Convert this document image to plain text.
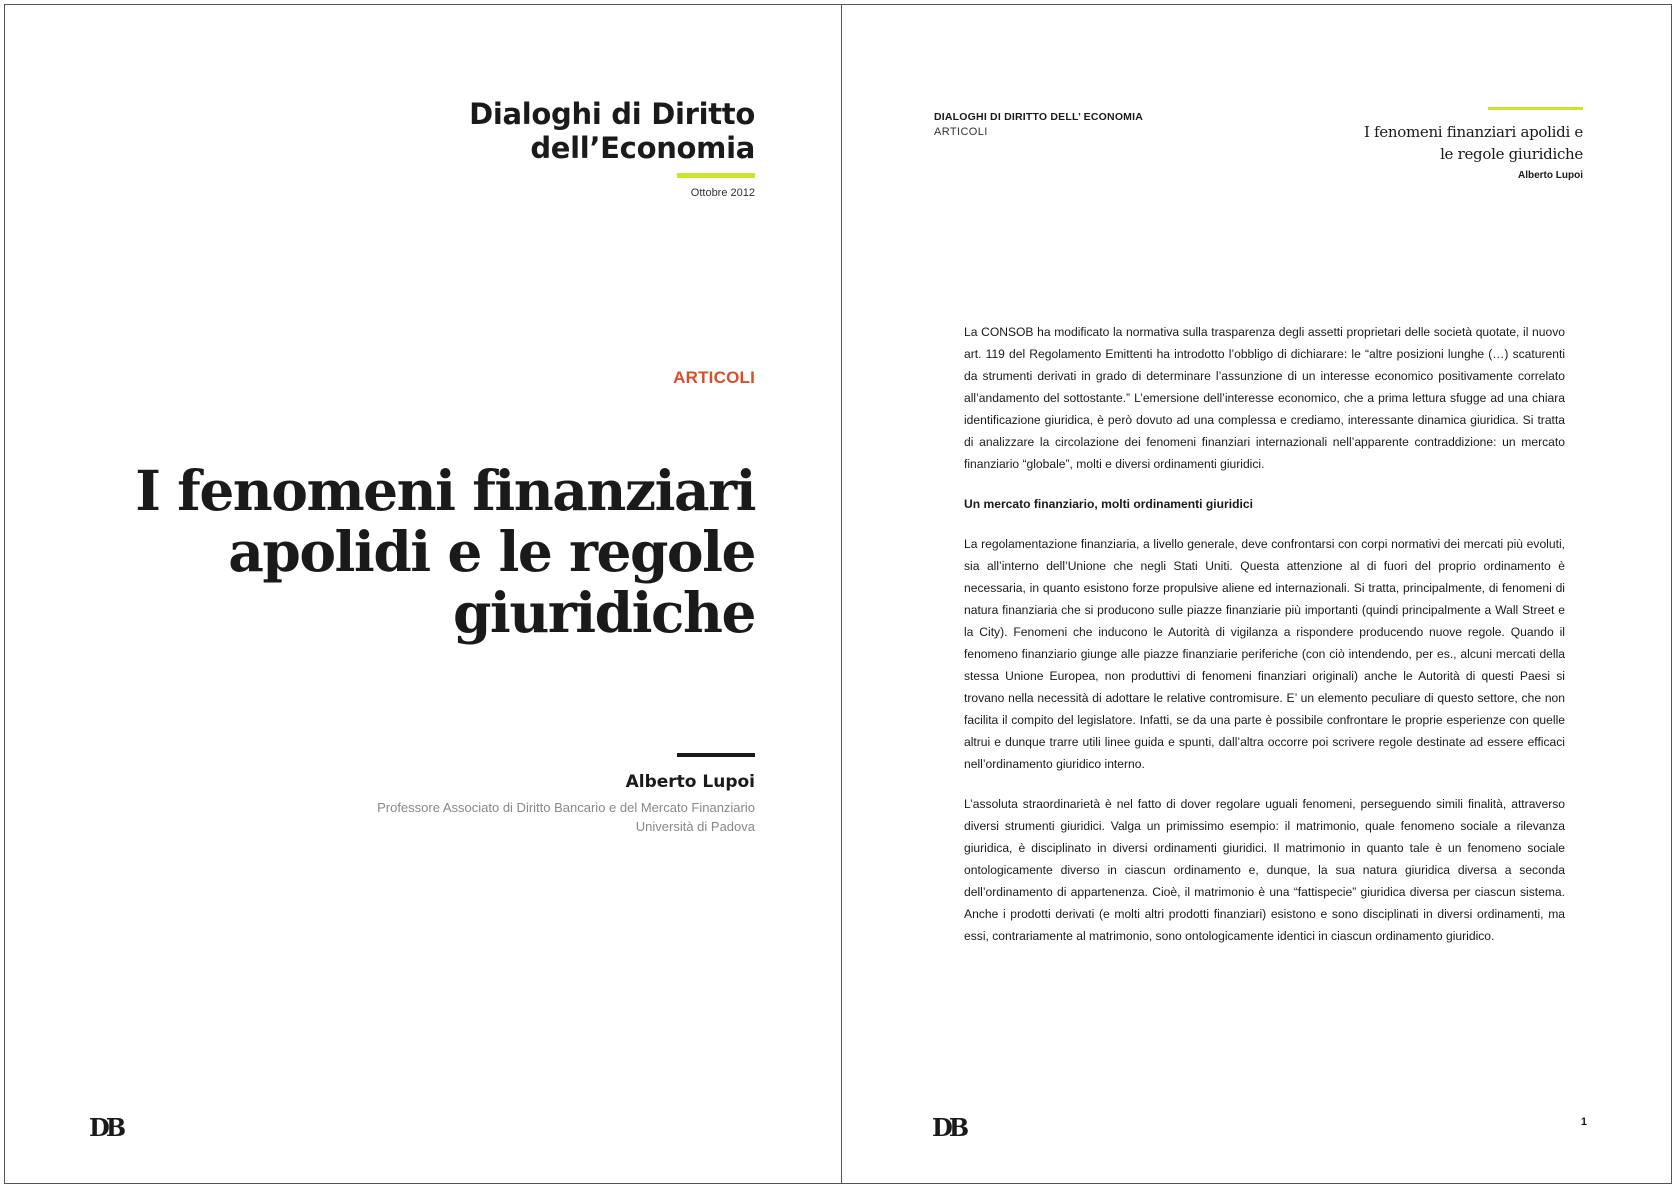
Dialoghi di Diritto
dell’Economia
Ottobre 2012
ARTICOLI
I fenomeni finanziari
apolidi e le regole
giuridiche
Alberto Lupoi
Professore Associato di Diritto Bancario e del Mercato Finanziario
Università di Padova
DB
DIALOGHI DI DIRITTO DELL’ ECONOMIA
ARTICOLI	I fenomeni finanziari apolidi e
le regole giuridiche
Alberto Lupoi

La CONSOB ha modificato la normativa sulla trasparenza degli assetti proprietari delle società quotate, il nuovo art. 119 del Regolamento Emittenti ha introdotto l’obbligo di dichiarare: le “altre posizioni lunghe (…) scaturenti da strumenti derivati in grado di determinare l’assunzione di un interesse economico positivamente correlato all’andamento del sottostante.” L’emersione dell’interesse economico, che a prima lettura sfugge ad una chiara identificazione giuridica, è però dovuto ad una complessa e crediamo, interessante dinamica giuridica. Si tratta di analizzare la circolazione dei fenomeni finanziari internazionali nell’apparente contraddizione: un mercato finanziario “globale”, molti e diversi ordinamenti giuridici.

Un mercato finanziario, molti ordinamenti giuridici

La regolamentazione finanziaria, a livello generale, deve confrontarsi con corpi normativi dei mercati più evoluti, sia all’interno dell’Unione che negli Stati Uniti. Questa attenzione al di fuori del proprio ordinamento è necessaria, in quanto esistono forze propulsive aliene ed internazionali. Si tratta, principalmente, di fenomeni di natura finanziaria che si producono sulle piazze finanziarie più importanti (quindi principalmente a Wall Street e la City). Fenomeni che inducono le Autorità di vigilanza a rispondere producendo nuove regole. Quando il fenomeno finanziario giunge alle piazze finanziarie periferiche (con ciò intendendo, per es., alcuni mercati della stessa Unione Europea, non produttivi di fenomeni finanziari originali) anche le Autorità di questi Paesi si trovano nella necessità di adottare le relative contromisure. E’ un elemento peculiare di questo settore, che non facilita il compito del legislatore. Infatti, se da una parte è possibile confrontare le proprie esperienze con quelle altrui e dunque trarre utili linee guida e spunti, dall’altra occorre poi scrivere regole destinate ad essere efficaci nell’ordinamento giuridico interno.

L’assoluta straordinarietà è nel fatto di dover regolare uguali fenomeni, perseguendo simili finalità, attraverso diversi strumenti giuridici. Valga un primissimo esempio: il matrimonio, quale fenomeno sociale a rilevanza giuridica, è disciplinato in diversi ordinamenti giuridici. Il matrimonio in quanto tale è un fenomeno sociale ontologicamente diverso in ciascun ordinamento e, dunque, la sua natura giuridica diversa a seconda dell’ordinamento di appartenenza. Cioè, il matrimonio è una “fattispecie” giuridica diversa per ciascun sistema. Anche i prodotti derivati (e molti altri prodotti finanziari) esistono e sono disciplinati in diversi ordinamenti, ma essi, contrariamente al matrimonio, sono ontologicamente identici in ciascun ordinamento giuridico.

DB	1
